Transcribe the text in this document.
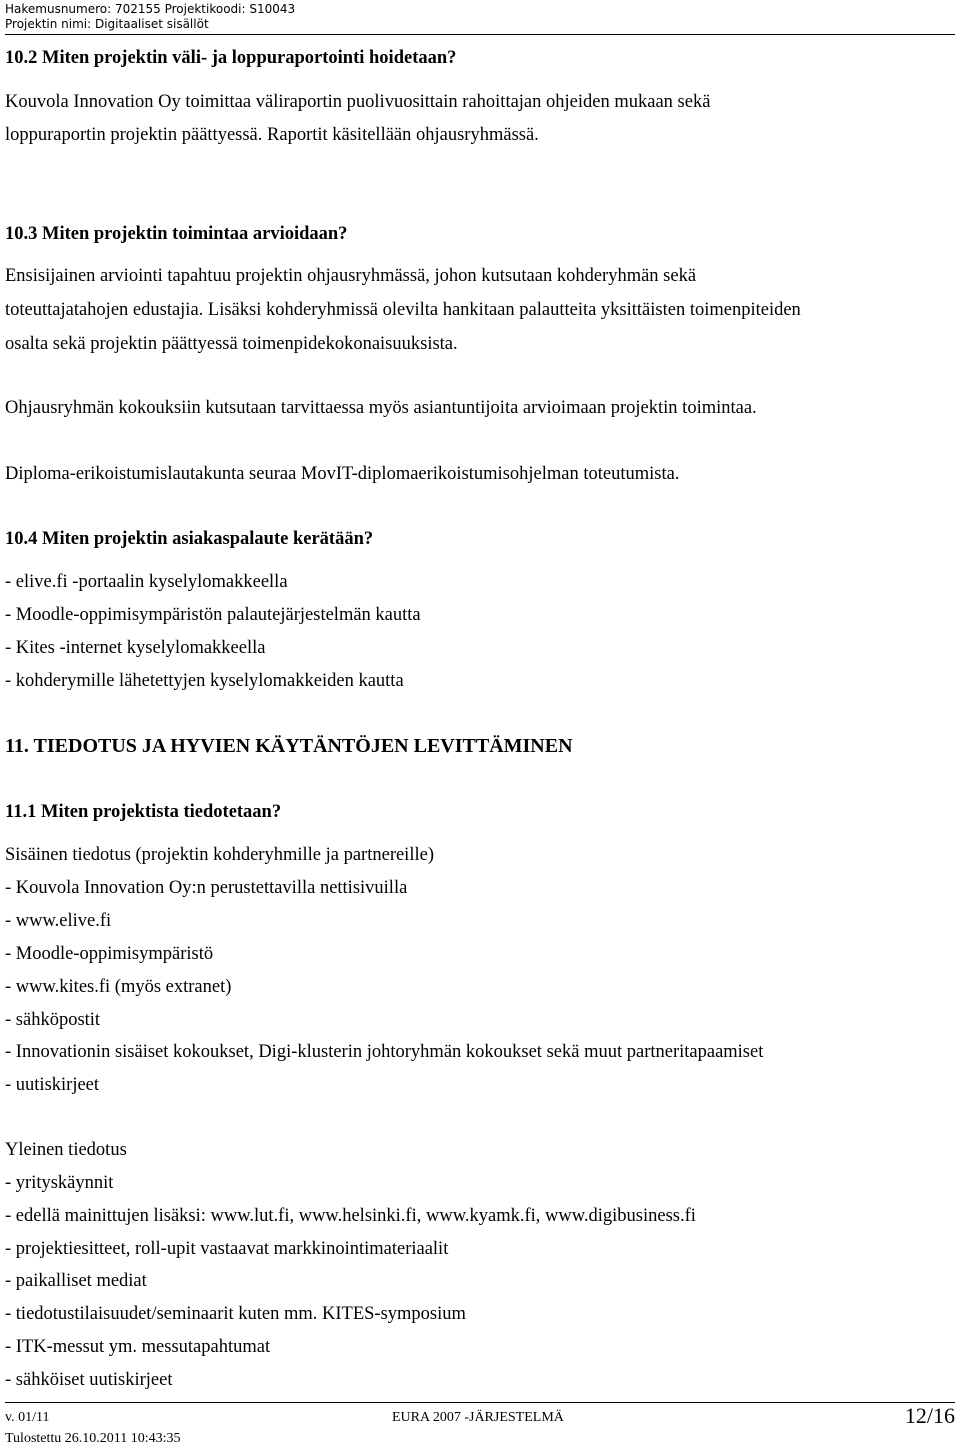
Hakemusnumero: 702155 Projektikoodi: S10043
Projektin nimi: Digitaaliset sisällöt
10.2 Miten projektin väli- ja loppuraportointi hoidetaan?
Kouvola Innovation Oy toimittaa väliraportin puolivuosittain rahoittajan ohjeiden mukaan sekä
loppuraportin projektin päättyessä. Raportit käsitellään ohjausryhmässä.
10.3 Miten projektin toimintaa arvioidaan?
Ensisijainen arviointi tapahtuu projektin ohjausryhmässä, johon kutsutaan kohderyhmän sekä
toteuttajatahojen edustajia. Lisäksi kohderyhmissä olevilta hankitaan palautteita yksittäisten toimenpiteiden
osalta sekä projektin päättyessä toimenpidekokonaisuuksista.
Ohjausryhmän kokouksiin kutsutaan tarvittaessa myös asiantuntijoita arvioimaan projektin toimintaa.
Diploma-erikoistumislautakunta seuraa MovIT-diplomaerikoistumisohjelman toteutumista.
10.4 Miten projektin asiakaspalaute kerätään?
- elive.fi -portaalin kyselylomakkeella
- Moodle-oppimisympäristön palautejärjestelmän kautta
- Kites -internet kyselylomakkeella
- kohderymille lähetettyjen kyselylomakkeiden kautta
11. TIEDOTUS JA HYVIEN KÄYTÄNTÖJEN LEVITTÄMINEN
11.1 Miten projektista tiedotetaan?
Sisäinen tiedotus (projektin kohderyhmille ja partnereille)
- Kouvola Innovation Oy:n perustettavilla nettisivuilla
- www.elive.fi
- Moodle-oppimisympäristö
- www.kites.fi (myös extranet)
- sähköpostit
- Innovationin sisäiset kokoukset, Digi-klusterin johtoryhmän kokoukset sekä muut partneritapaamiset
- uutiskirjeet
Yleinen tiedotus
- yrityskäynnit
- edellä mainittujen lisäksi: www.lut.fi, www.helsinki.fi, www.kyamk.fi, www.digibusiness.fi
- projektiesitteet, roll-upit vastaavat markkinointimateriaalit
- paikalliset mediat
- tiedotustilaisuudet/seminaarit kuten mm. KITES-symposium
- ITK-messut ym. messutapahtumat
- sähköiset uutiskirjeet
v. 01/11	EURA 2007 -JÄRJESTELMÄ	12/16
Tulostettu 26.10.2011 10:43:35
